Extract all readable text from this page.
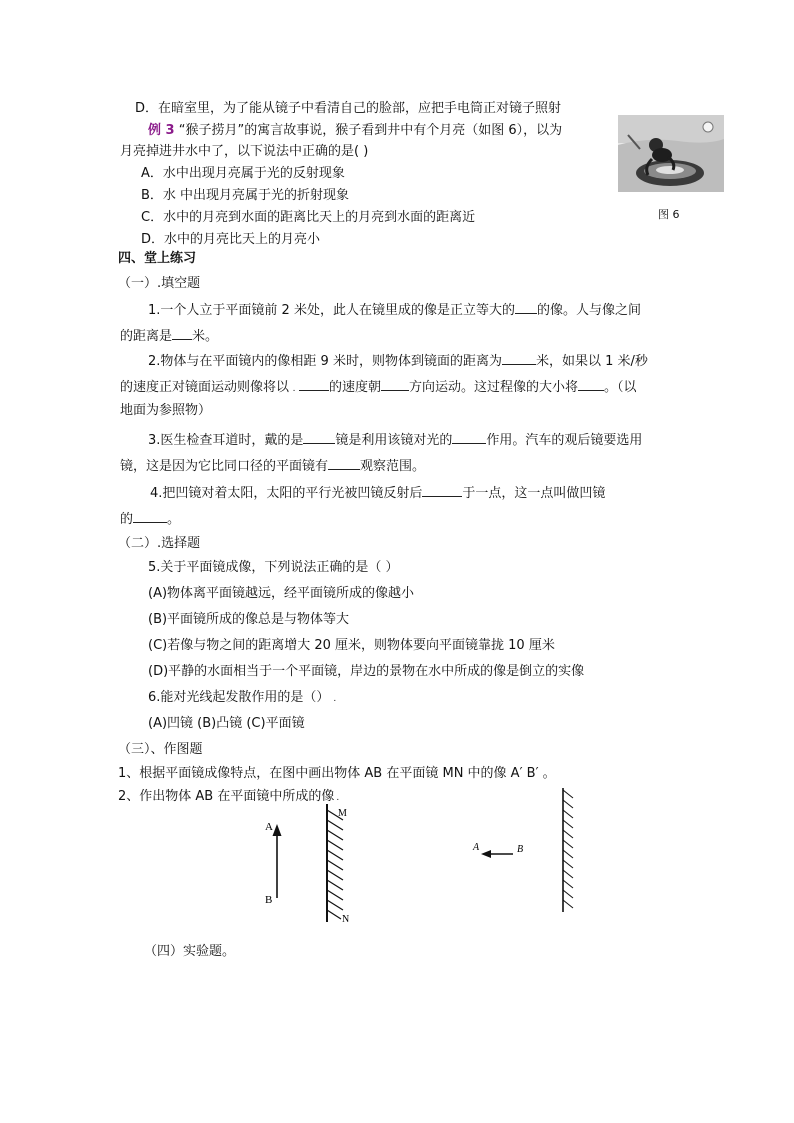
D．在暗室里，为了能从镜子中看清自己的脸部，应把手电筒正对镜子照射
例 3 “猴子捞月”的寓言故事说，猴子看到井中有个月亮（如图 6），以为
月亮掉进井水中了，以下说法中正确的是( )
A．水中出现月亮属于光的反射现象
B．水 中出现月亮属于光的折射现象
C．水中的月亮到水面的距离比天上的月亮到水面的距离近
D．水中的月亮比天上的月亮小
图 6
四、堂上练习
（一）.填空题
1.一个人立于平面镜前 2 米处，此人在镜里成的像是正立等大的 的像。人与像之间
的距离是 米。
2.物体与在平面镜内的像相距 9 米时，则物体到镜面的距离为	米，如果以 1 米/秒
的速度正对镜面运动则像将以 .	的速度朝 方向运动。这过程像的大小将 。（以
地面为参照物）
3.医生检查耳道时，戴的是 镜是利用该镜对光的	作用。汽车的观后镜要选用
镜，这是因为它比同口径的平面镜有 观察范围。
4.把凹镜对着太阳，太阳的平行光被凹镜反射后	于一点，这一点叫做凹镜
的	。
（二）.选择题
5.关于平面镜成像，下列说法正确的是（ ）
(A)物体离平面镜越远，经平面镜所成的像越小
(B)平面镜所成的像总是与物体等大
(C)若像与物之间的距离增大 20 厘米，则物体要向平面镜靠拢 10 厘米
(D)平静的水面相当于一个平面镜，岸边的景物在水中所成的像是倒立的实像
6.能对光线起发散作用的是（） .
(A)凹镜 (B)凸镜 (C)平面镜
（三）、作图题
1、根据平面镜成像特点，在图中画出物体 AB 在平面镜 MN 中的像 A′ B′ 。
2、作出物体 AB 在平面镜中所成的像 .
A
B
M
N
A	B
（四）实验题。
